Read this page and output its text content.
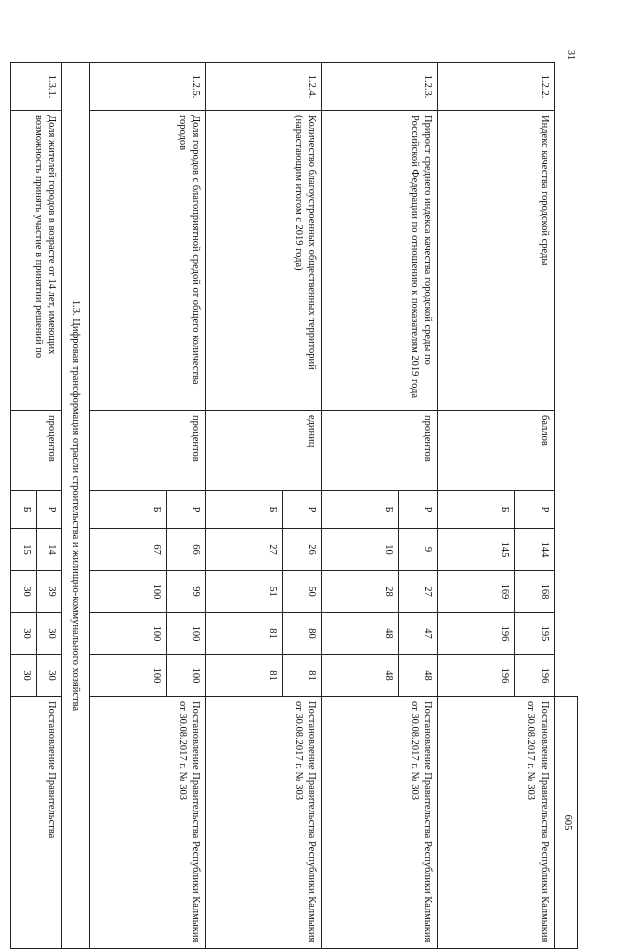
31
								605
1.2.2.	Индекс качества городской среды	баллов	Р	144	168	195	196	Постановление Правительства Республики Калмыкия от 30.08.2017 г. № 303
			Б	145	169	196	196	
1.2.3.	Прирост среднего индекса качества городской среды по Российской Федерации по отношению к показателям 2019 года	процентов	Р	9	27	47	48	Постановление Правительства Республики Калмыкия от 30.08.2017 г. № 303
			Б	10	28	48	48	
1.2.4.	Количество благоустроенных общественных территорий (нарастающим итогом с 2019 года)	единиц	Р	26	50	80	81	Постановление Правительства Республики Калмыкия от 30.08.2017 г. № 303
			Б	27	51	81	81	
1.2.5.	Доля городов с благоприятной средой от общего количества городов	процентов	Р	66	99	100	100	Постановление Правительства Республики Калмыкия от 30.08.2017 г. № 303
			Б	67	100	100	100	
1.3. Цифровая трансформация отрасли строительства и жилищно-коммунального хозяйства								
1.3.1.	Доля жителей городов в возрасте от 14 лет, имеющих возможность принять участие в принятии решений по	процентов	Р	14	39	30	30	Постановление Правительства
			Б	15	30	30	30	
